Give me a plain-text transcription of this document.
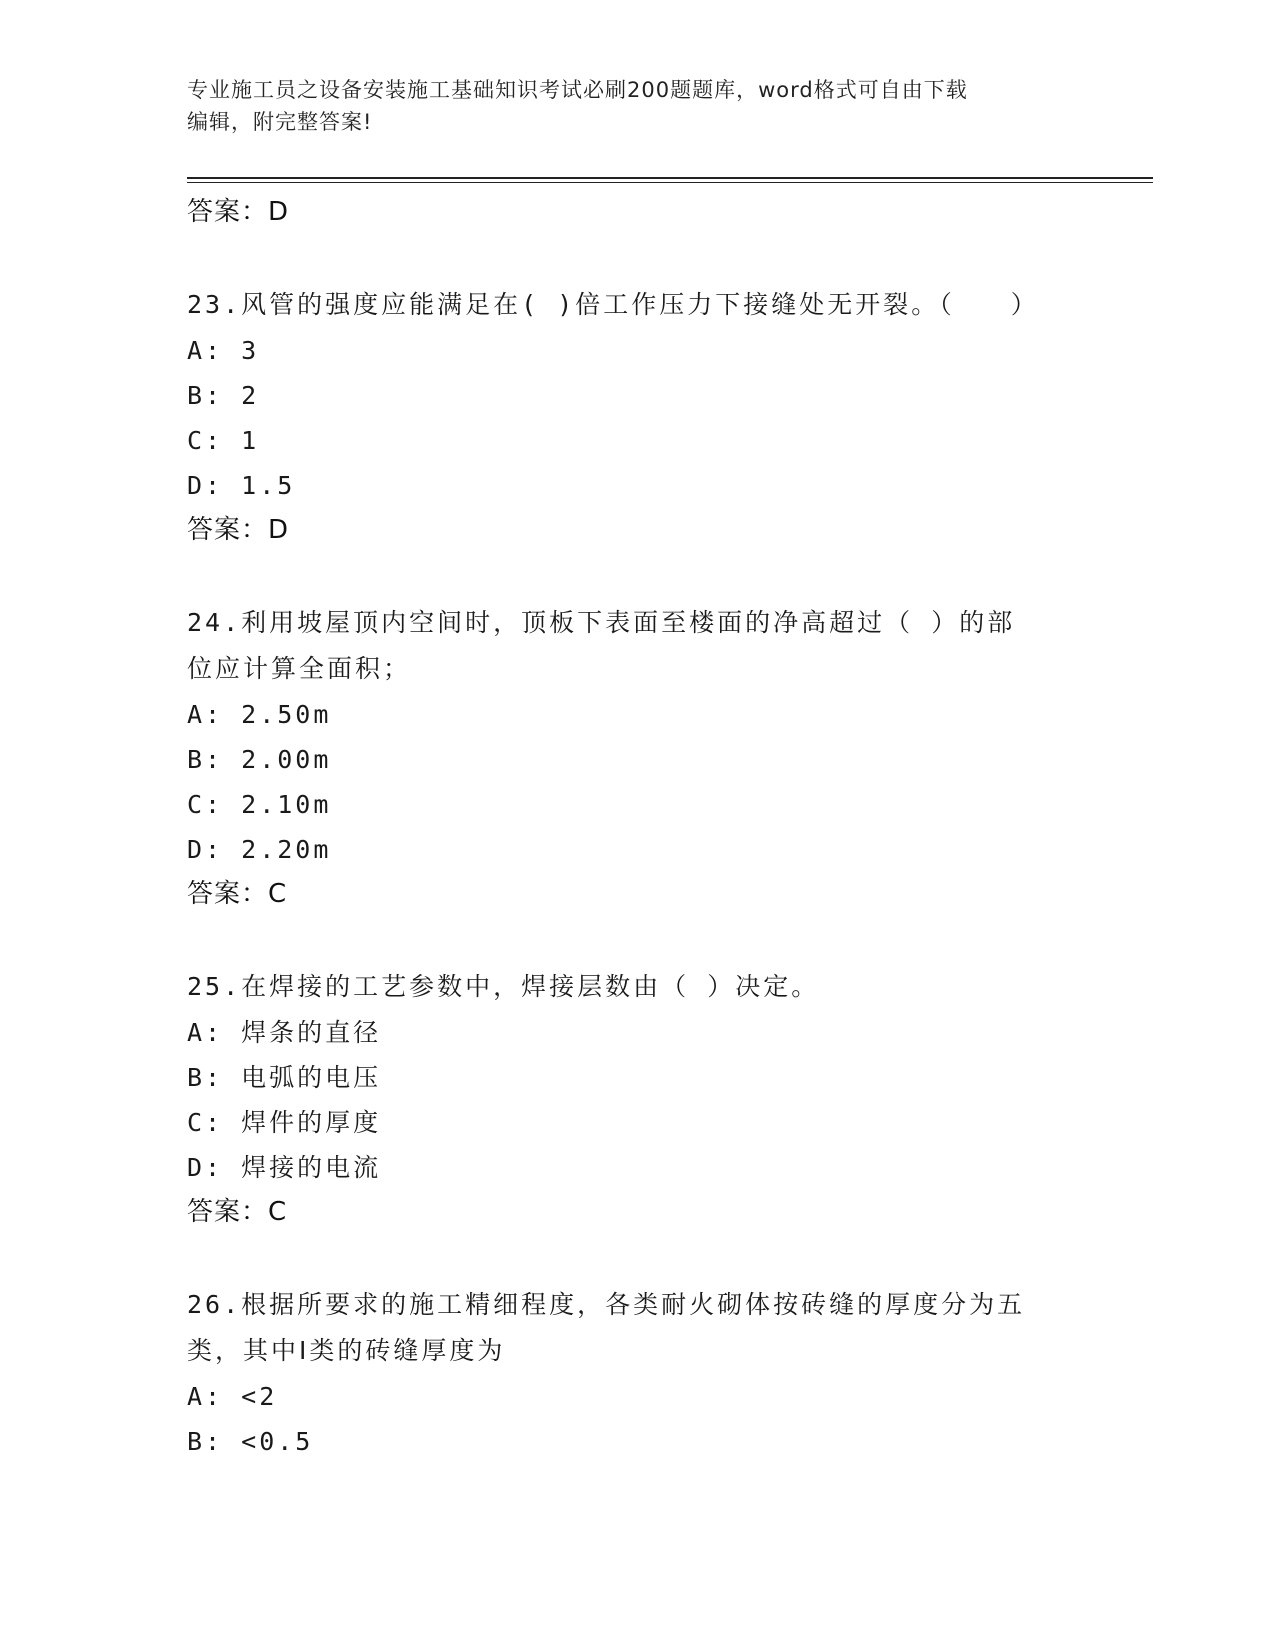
专业施工员之设备安装施工基础知识考试必刷200题题库，word格式可自由下载
编辑，附完整答案!
答案：D
23.风管的强度应能满足在( )倍工作压力下接缝处无开裂。（　　）
A: 3
B: 2
C: 1
D: 1.5
答案：D
24.利用坡屋顶内空间时，顶板下表面至楼面的净高超过（ ）的部位应计算全面积；
A: 2.50m
B: 2.00m
C: 2.10m
D: 2.20m
答案：C
25.在焊接的工艺参数中，焊接层数由（ ）决定。
A: 焊条的直径
B: 电弧的电压
C: 焊件的厚度
D: 焊接的电流
答案：C
26.根据所要求的施工精细程度，各类耐火砌体按砖缝的厚度分为五类，其中Ⅰ类的砖缝厚度为
A: <2
B: <0.5
